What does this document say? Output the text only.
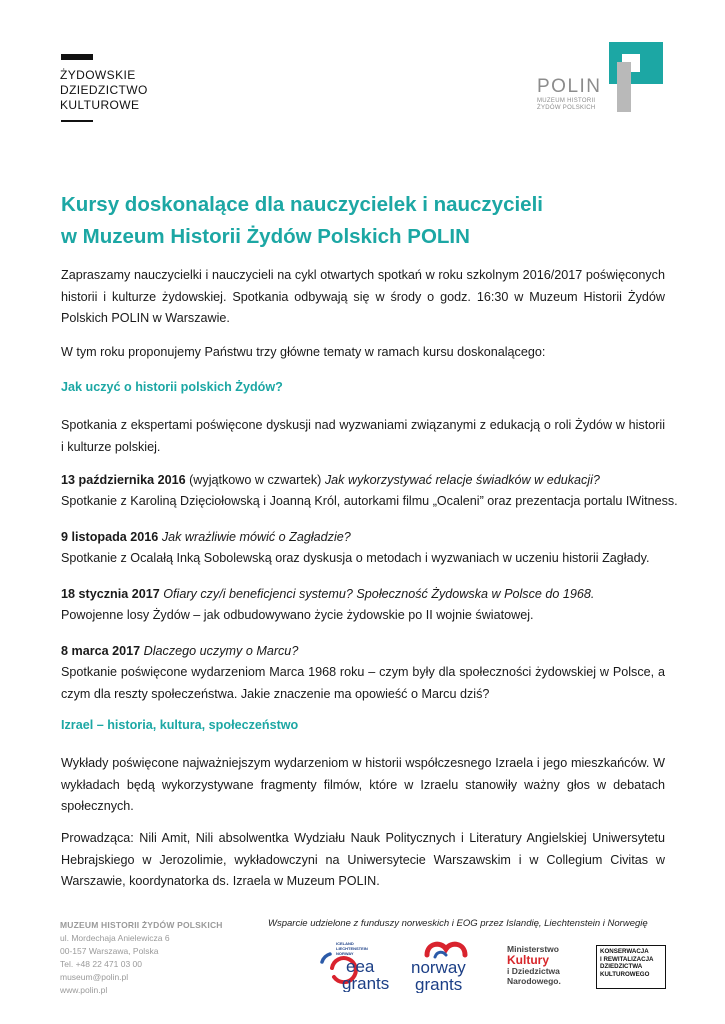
ŻYDOWSKIE
DZIEDZICTWO
KULTUROWE
POLIN
MUZEUM HISTORII
ŻYDÓW POLSKICH
Kursy doskonalące dla nauczycielek i nauczycieli
w Muzeum Historii Żydów Polskich POLIN
Zapraszamy nauczycielki i nauczycieli na cykl otwartych spotkań w roku szkolnym 2016/2017 poświęconych historii i kulturze żydowskiej. Spotkania odbywają się w środy o godz. 16:30 w Muzeum Historii Żydów Polskich POLIN w Warszawie.
W tym roku proponujemy Państwu trzy główne tematy w ramach kursu doskonalącego:
Jak uczyć o historii polskich Żydów?
Spotkania z ekspertami poświęcone dyskusji nad wyzwaniami związanymi z edukacją o roli Żydów w historii i kulturze polskiej.
13 października 2016 (wyjątkowo w czwartek) Jak wykorzystywać relacje świadków w edukacji?
Spotkanie z Karoliną Dzięciołowską i Joanną Król, autorkami filmu „Ocaleni” oraz prezentacja portalu IWitness.
9 listopada 2016 Jak wrażliwie mówić o Zagładzie?
Spotkanie z Ocalałą Inką Sobolewską oraz dyskusja o metodach i wyzwaniach w uczeniu historii Zagłady.
18 stycznia 2017 Ofiary czy/i beneficjenci systemu? Społeczność Żydowska w Polsce do 1968.
Powojenne losy Żydów – jak odbudowywano życie żydowskie po II wojnie światowej.
8 marca 2017 Dlaczego uczymy o Marcu?
Spotkanie poświęcone wydarzeniom Marca 1968 roku – czym były dla społeczności żydowskiej w Polsce, a czym dla reszty społeczeństwa. Jakie znaczenie ma opowieść o Marcu dziś?
Izrael – historia, kultura, społeczeństwo
Wykłady poświęcone najważniejszym wydarzeniom w historii współczesnego Izraela i jego mieszkańców. W wykładach będą wykorzystywane fragmenty filmów, które w Izraelu stanowiły ważny głos w debatach społecznych.
Prowadząca: Nili Amit, Nili absolwentka Wydziału Nauk Politycznych i Literatury Angielskiej Uniwersytetu Hebrajskiego w Jerozolimie, wykładowczyni na Uniwersytecie Warszawskim i w Collegium Civitas w Warszawie, koordynatorka ds. Izraela w Muzeum POLIN.
MUZEUM HISTORII ŻYDÓW POLSKICH
ul. Mordechaja Anielewicza 6
00-157 Warszawa, Polska
Tel. +48 22 471 03 00
museum@polin.pl
www.polin.pl
Wsparcie udzielone z funduszy norweskich i EOG przez Islandię, Liechtenstein i Norwegię
ICELAND
LIECHTENSTEIN
NORWAY
eea
grants
norway
grants
Ministerstwo
Kultury
i Dziedzictwa
Narodowego.
KONSERWACJA
I REWITALIZACJA
DZIEDZICTWA
KULTUROWEGO
